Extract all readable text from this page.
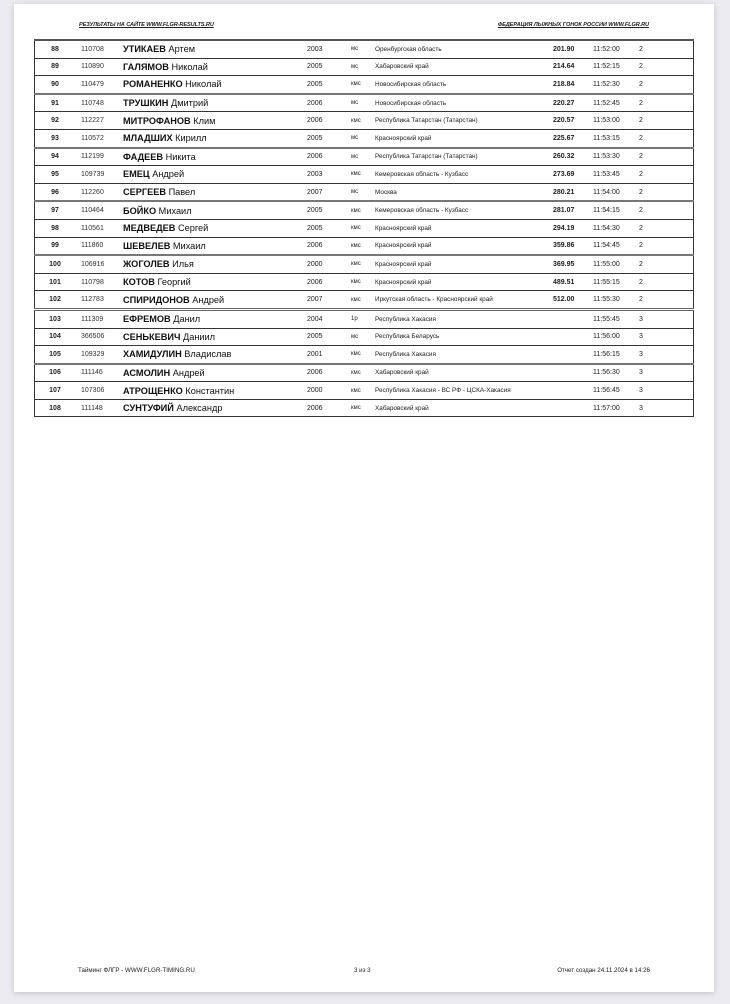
РЕЗУЛЬТАТЫ НА САЙТЕ WWW.FLGR-RESULTS.RU	ФЕДЕРАЦИЯ ЛЫЖНЫХ ГОНОК РОССИИ WWW.FLGR.RU
88	110708	УТИКАЕВ Артем	2003	мс	Оренбургская область	201.90	11:52:00	2
89	110890	ГАЛЯМОВ Николай	2005	мс	Хабаровский край	214.64	11:52:15	2
90	110479	РОМАНЕНКО Николай	2005	кмс	Новосибирская область	218.84	11:52:30	2
91	110748	ТРУШКИН Дмитрий	2006	мс	Новосибирская область	220.27	11:52:45	2
92	112227	МИТРОФАНОВ Клим	2006	кмс	Республика Татарстан (Татарстан)	220.57	11:53:00	2
93	110572	МЛАДШИХ Кирилл	2005	мс	Красноярский край	225.67	11:53:15	2
94	112199	ФАДЕЕВ Никита	2006	мс	Республика Татарстан (Татарстан)	260.32	11:53:30	2
95	109739	ЕМЕЦ Андрей	2003	кмс	Кемеровская область - Кузбасс	273.69	11:53:45	2
96	112260	СЕРГЕЕВ Павел	2007	мс	Москва	280.21	11:54:00	2
97	110464	БОЙКО Михаил	2005	кмс	Кемеровская область - Кузбасс	281.07	11:54:15	2
98	110561	МЕДВЕДЕВ Сергей	2005	кмс	Красноярский край	294.19	11:54:30	2
99	111860	ШЕВЕЛЕВ Михаил	2006	кмс	Красноярский край	359.86	11:54:45	2
100	106916	ЖОГОЛЕВ Илья	2000	кмс	Красноярский край	369.95	11:55:00	2
101	110798	КОТОВ Георгий	2006	кмс	Красноярский край	489.51	11:55:15	2
102	112783	СПИРИДОНОВ Андрей	2007	кмс	Иркутская область - Красноярский край	512.00	11:55:30	2
103	111309	ЕФРЕМОВ Данил	2004	1р	Республика Хакасия		11:55:45	3
104	366506	СЕНЬКЕВИЧ Даниил	2005	мс	Республика Беларусь		11:56:00	3
105	109329	ХАМИДУЛИН Владислав	2001	кмс	Республика Хакасия		11:56:15	3
106	111146	АСМОЛИН Андрей	2006	кмс	Хабаровский край		11:56:30	3
107	107306	АТРОЩЕНКО Константин	2000	кмс	Республика Хакасия - ВС РФ - ЦСКА-Хакасия		11:56:45	3
108	111148	СУНТУФИЙ Александр	2006	кмс	Хабаровский край		11:57:00	3
Тайминг ФЛГР - WWW.FLGR-TIMING.RU	3 из 3	Отчет создан 24.11.2024 в 14:26
